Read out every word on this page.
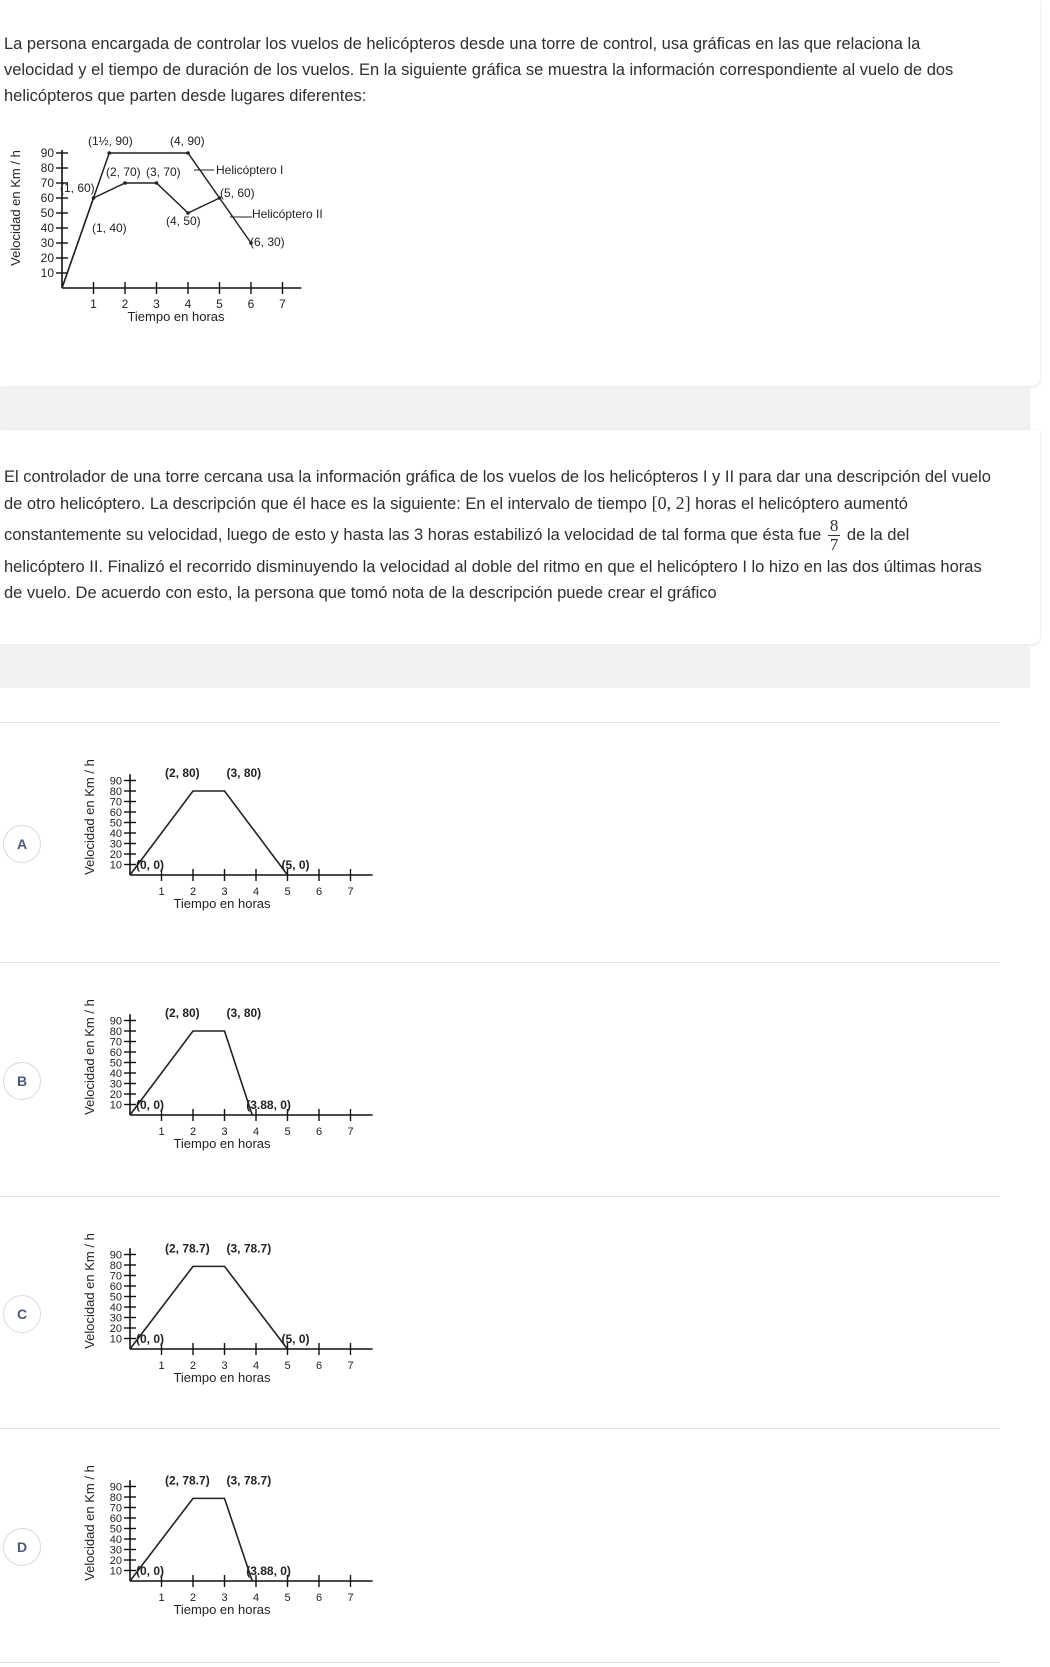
La persona encargada de controlar los vuelos de helicópteros desde una torre de control, usa gráficas en las que relaciona la velocidad y el tiempo de duración de los vuelos. En la siguiente gráfica se muestra la información correspondiente al vuelo de dos helicópteros que parten desde lugares diferentes:
10
20
30
40
50
60
70
80
90
1 2 3 4 5 6 7
Tiempo en horas
Velocidad en Km / h
(1½, 90)	(4, 90)
(2, 70) (3, 70)
(1, 60)	(5, 60)
(1, 40)	(4, 50)
(6, 30)
Helicóptero I
Helicóptero II
El controlador de una torre cercana usa la información gráfica de los vuelos de los helicópteros I y II para dar una descripción del vuelo de otro helicóptero. La descripción que él hace es la siguiente: En el intervalo de tiempo [0, 2] horas el helicóptero aumentó constantemente su velocidad, luego de esto y hasta las 3 horas estabilizó la velocidad de tal forma que ésta fue $\frac{8}{7}$ de la del helicóptero II. Finalizó el recorrido disminuyendo la velocidad al doble del ritmo en que el helicóptero I lo hizo en las dos últimas horas de vuelo. De acuerdo con esto, la persona que tomó nota de la descripción puede crear el gráfico
A
10
20
30
40
50
60
70
80
90
1 2 3 4 5 6 7
Tiempo en horas
Velocidad en Km / h	(0, 0)
(2, 80) (3, 80)
(5, 0)
B
10
20
30
40
50
60
70
80
90
1 2 3 4 5 6 7
Tiempo en horas
Velocidad en Km / h	(0, 0)
(2, 80) (3, 80)
(3.88, 0)
C
10
20
30
40
50
60
70
80
90
1 2 3 4 5 6 7
Tiempo en horas
Velocidad en Km / h	(0, 0)
(2, 78.7) (3, 78.7)
(5, 0)
D
10
20
30
40
50
60
70
80
90
1 2 3 4 5 6 7
Tiempo en horas
Velocidad en Km / h	(0, 0)
(2, 78.7) (3, 78.7)
(3.88, 0)
